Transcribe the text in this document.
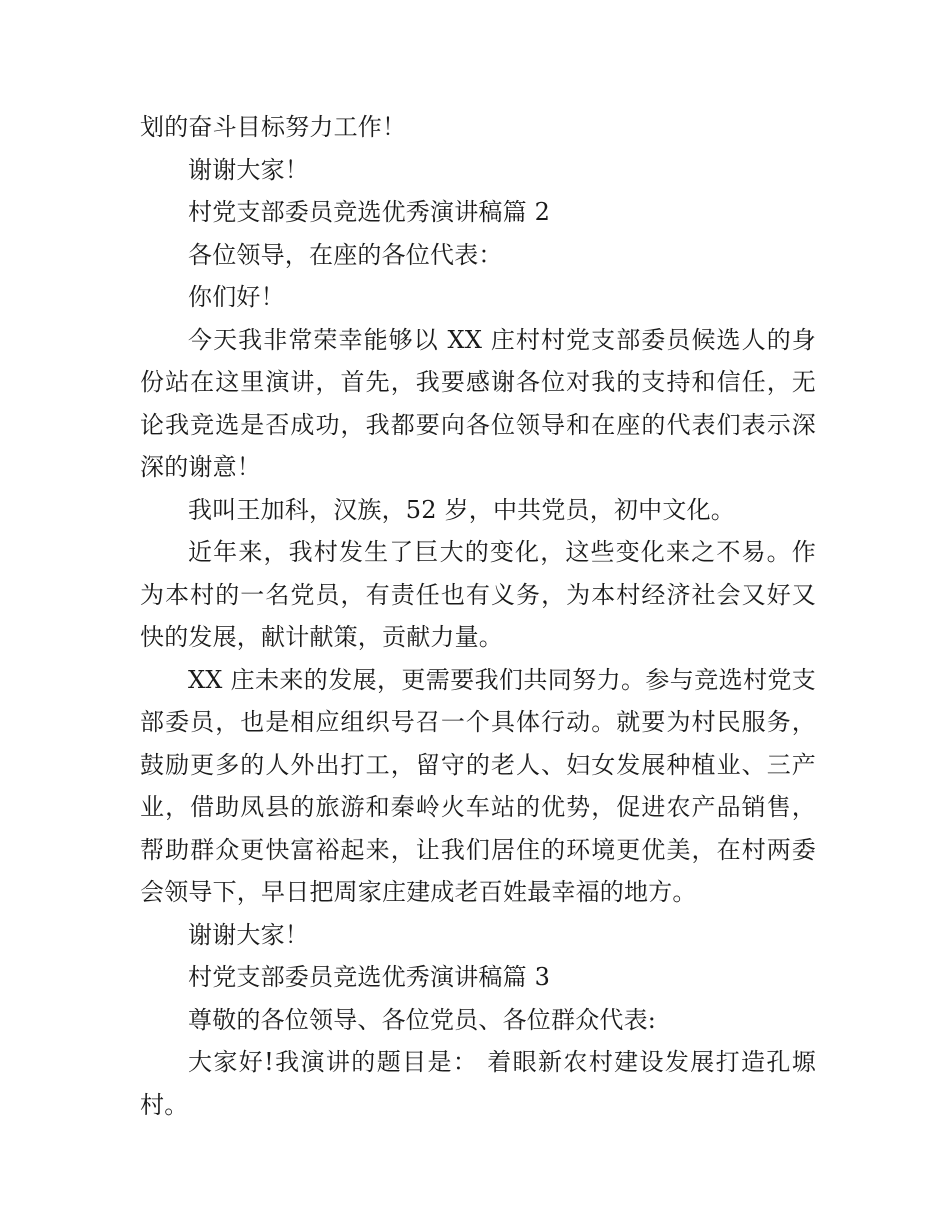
划的奋斗目标努力工作！

谢谢大家！

村党支部委员竞选优秀演讲稿篇 2

各位领导，在座的各位代表：

你们好！

今天我非常荣幸能够以 XX 庄村村党支部委员候选人的身份站在这里演讲，首先，我要感谢各位对我的支持和信任，无论我竞选是否成功，我都要向各位领导和在座的代表们表示深深的谢意！

我叫王加科，汉族，52 岁，中共党员，初中文化。

近年来，我村发生了巨大的变化，这些变化来之不易。作为本村的一名党员，有责任也有义务，为本村经济社会又好又快的发展，献计献策，贡献力量。

XX 庄未来的发展，更需要我们共同努力。参与竞选村党支部委员，也是相应组织号召一个具体行动。就要为村民服务，鼓励更多的人外出打工，留守的老人、妇女发展种植业、三产业，借助凤县的旅游和秦岭火车站的优势，促进农产品销售，帮助群众更快富裕起来，让我们居住的环境更优美，在村两委会领导下，早日把周家庄建成老百姓最幸福的地方。

谢谢大家！

村党支部委员竞选优秀演讲稿篇 3

尊敬的各位领导、各位党员、各位群众代表:

大家好!我演讲的题目是： 着眼新农村建设发展打造孔塬村。
